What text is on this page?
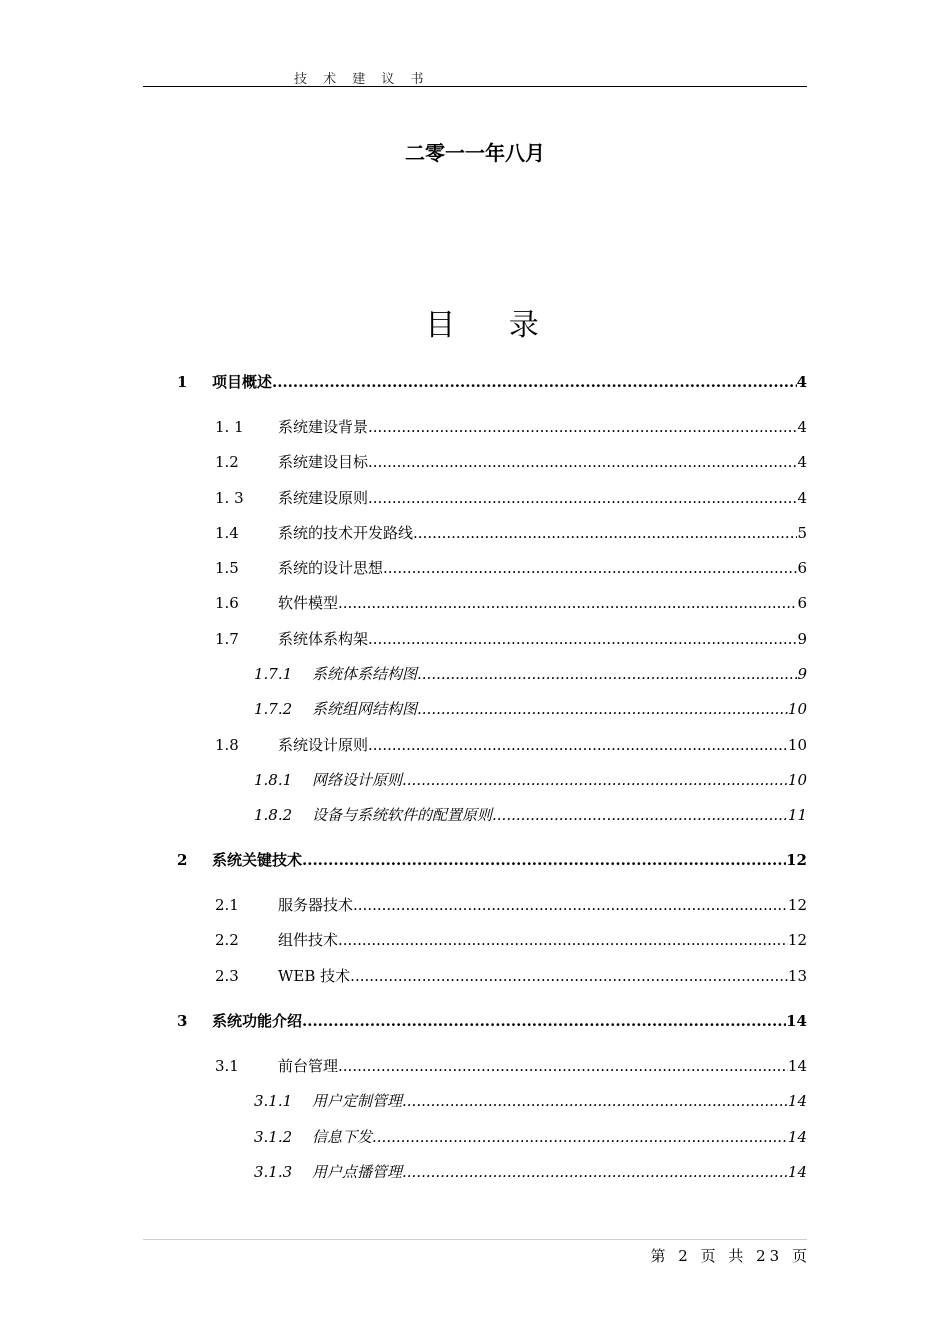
技 术 建 议 书
二零一一年八月
目 录
1	项目概述 .....	4
1. 1	系统建设背景 .....	4
1.2	系统建设目标 .....	4
1. 3	系统建设原则 .....	4
1.4	系统的技术开发路线 .....	5
1.5	系统的设计思想 .....	6
1.6	软件模型 .....	6
1.7	系统体系构架 .....	9
1.7.1	系统体系结构图 .....	9
1.7.2	系统组网结构图 .....	10
1.8	系统设计原则 .....	10
1.8.1	网络设计原则 .....	10
1.8.2	设备与系统软件的配置原则 .....	11
2	系统关键技术 .....	12
2.1	服务器技术 .....	12
2.2	组件技术 .....	12
2.3	WEB 技术 .....	13
3	系统功能介绍 .....	14
3.1	前台管理 .....	14
3.1.1	用户定制管理 .....	14
3.1.2	信息下发 .....	14
3.1.3	用户点播管理 .....	14
第 2 页 共 23 页
